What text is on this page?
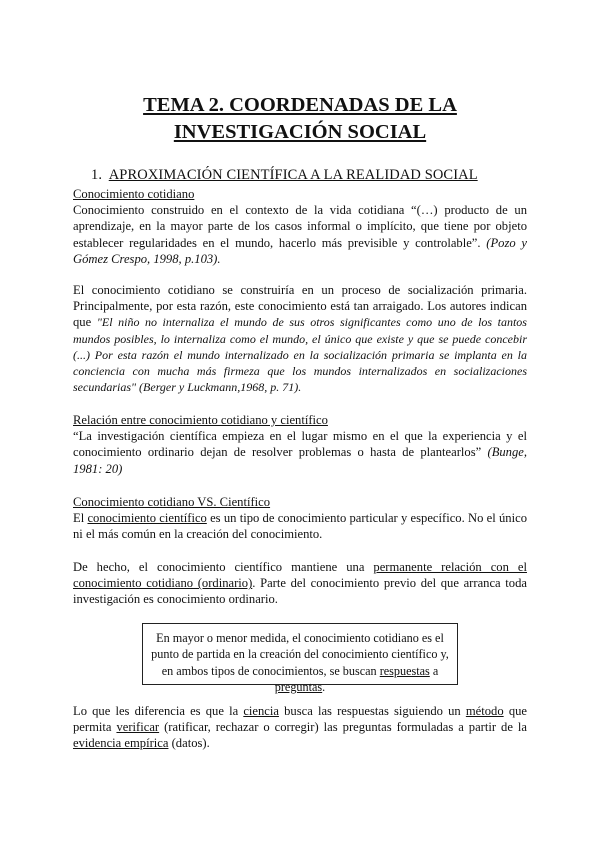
TEMA 2. COORDENADAS DE LA
INVESTIGACIÓN SOCIAL
1. APROXIMACIÓN CIENTÍFICA A LA REALIDAD SOCIAL
Conocimiento cotidiano
Conocimiento construido en el contexto de la vida cotidiana “(…) producto de un aprendizaje, en la mayor parte de los casos informal o implícito, que tiene por objeto establecer regularidades en el mundo, hacerlo más previsible y controlable”. (Pozo y Gómez Crespo, 1998, p.103).
El conocimiento cotidiano se construiría en un proceso de socialización primaria. Principalmente, por esta razón, este conocimiento está tan arraigado. Los autores indican que "El niño no internaliza el mundo de sus otros significantes como uno de los tantos mundos posibles, lo internaliza como el mundo, el único que existe y que se puede concebir (...) Por esta razón el mundo internalizado en la socialización primaria se implanta en la conciencia con mucha más firmeza que los mundos internalizados en socializaciones secundarias" (Berger y Luckmann,1968, p. 71).
Relación entre conocimiento cotidiano y científico
“La investigación científica empieza en el lugar mismo en el que la experiencia y el conocimiento ordinario dejan de resolver problemas o hasta de plantearlos” (Bunge, 1981: 20)
Conocimiento cotidiano VS. Científico
El conocimiento científico es un tipo de conocimiento particular y específico. No el único ni el más común en la creación del conocimiento.
De hecho, el conocimiento científico mantiene una permanente relación con el conocimiento cotidiano (ordinario). Parte del conocimiento previo del que arranca toda investigación es conocimiento ordinario.
En mayor o menor medida, el conocimiento cotidiano es el punto de partida en la creación del conocimiento científico y, en ambos tipos de conocimientos, se buscan respuestas a preguntas.
Lo que les diferencia es que la ciencia busca las respuestas siguiendo un método que permita verificar (ratificar, rechazar o corregir) las preguntas formuladas a partir de la evidencia empírica (datos).
